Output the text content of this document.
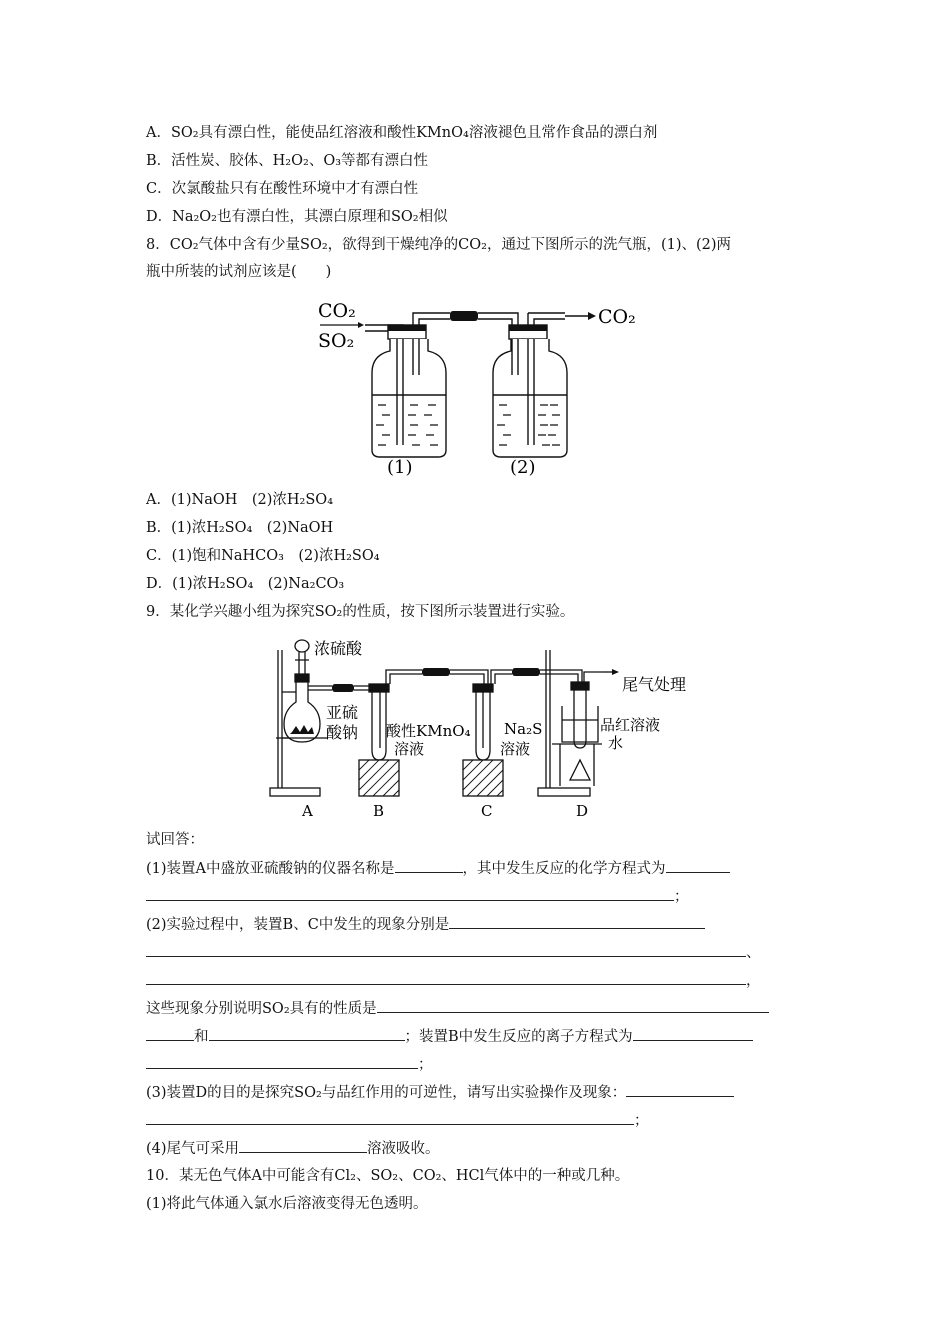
A．SO₂具有漂白性，能使品红溶液和酸性KMnO₄溶液褪色且常作食品的漂白剂
B．活性炭、胶体、H₂O₂、O₃等都有漂白性
C．次氯酸盐只有在酸性环境中才有漂白性
D．Na₂O₂也有漂白性，其漂白原理和SO₂相似
8．CO₂气体中含有少量SO₂，欲得到干燥纯净的CO₂，通过下图所示的洗气瓶，(1)、(2)两
瓶中所装的试剂应该是(　　)
CO₂
SO₂
CO₂
(1)	(2)
A．(1)NaOH　(2)浓H₂SO₄
B．(1)浓H₂SO₄　(2)NaOH
C．(1)饱和NaHCO₃　(2)浓H₂SO₄
D．(1)浓H₂SO₄　(2)Na₂CO₃
9．某化学兴趣小组为探究SO₂的性质，按下图所示装置进行实验。
浓硫酸
亚硫
酸钠 酸性KMnO₄
溶液
Na₂S
溶液
尾气处理
品红溶液
水
A	B	C	D
试回答：
(1)装置A中盛放亚硫酸钠的仪器名称是	，其中发生反应的化学方程式为
；
(2)实验过程中，装置B、C中发生的现象分别是
、
，
这些现象分别说明SO₂具有的性质是
和	；装置B中发生反应的离子方程式为
；
(3)装置D的目的是探究SO₂与品红作用的可逆性，请写出实验操作及现象：
；
(4)尾气可采用	溶液吸收。
10．某无色气体A中可能含有Cl₂、SO₂、CO₂、HCl气体中的一种或几种。
(1)将此气体通入氯水后溶液变得无色透明。
